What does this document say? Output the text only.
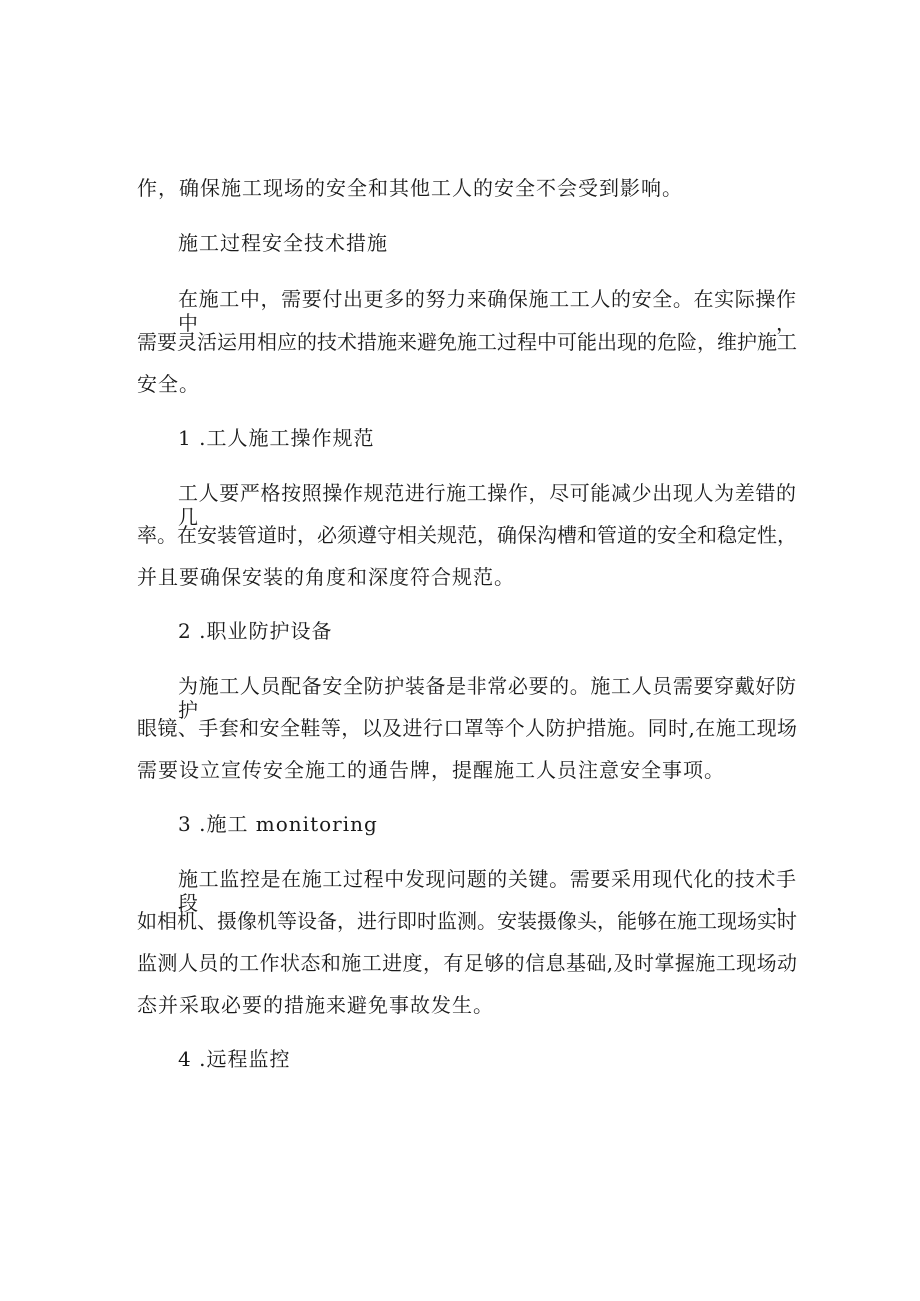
作，确保施工现场的安全和其他工人的安全不会受到影响。
施工过程安全技术措施
在施工中，需要付出更多的努力来确保施工工人的安全。在实际操作中，
需要灵活运用相应的技术措施来避免施工过程中可能出现的危险，维护施工
安全。
1 .工人施工操作规范
工人要严格按照操作规范进行施工操作，尽可能减少出现人为差错的几
率。在安装管道时，必须遵守相关规范，确保沟槽和管道的安全和稳定性，
并且要确保安装的角度和深度符合规范。
2 .职业防护设备
为施工人员配备安全防护装备是非常必要的。施工人员需要穿戴好防护
眼镜、手套和安全鞋等，以及进行口罩等个人防护措施。同时,在施工现场
需要设立宣传安全施工的通告牌，提醒施工人员注意安全事项。
3 .施工 monitoring
施工监控是在施工过程中发现问题的关键。需要采用现代化的技术手段，
如相机、摄像机等设备，进行即时监测。安装摄像头，能够在施工现场实时
监测人员的工作状态和施工进度，有足够的信息基础,及时掌握施工现场动
态并采取必要的措施来避免事故发生。
4 .远程监控
